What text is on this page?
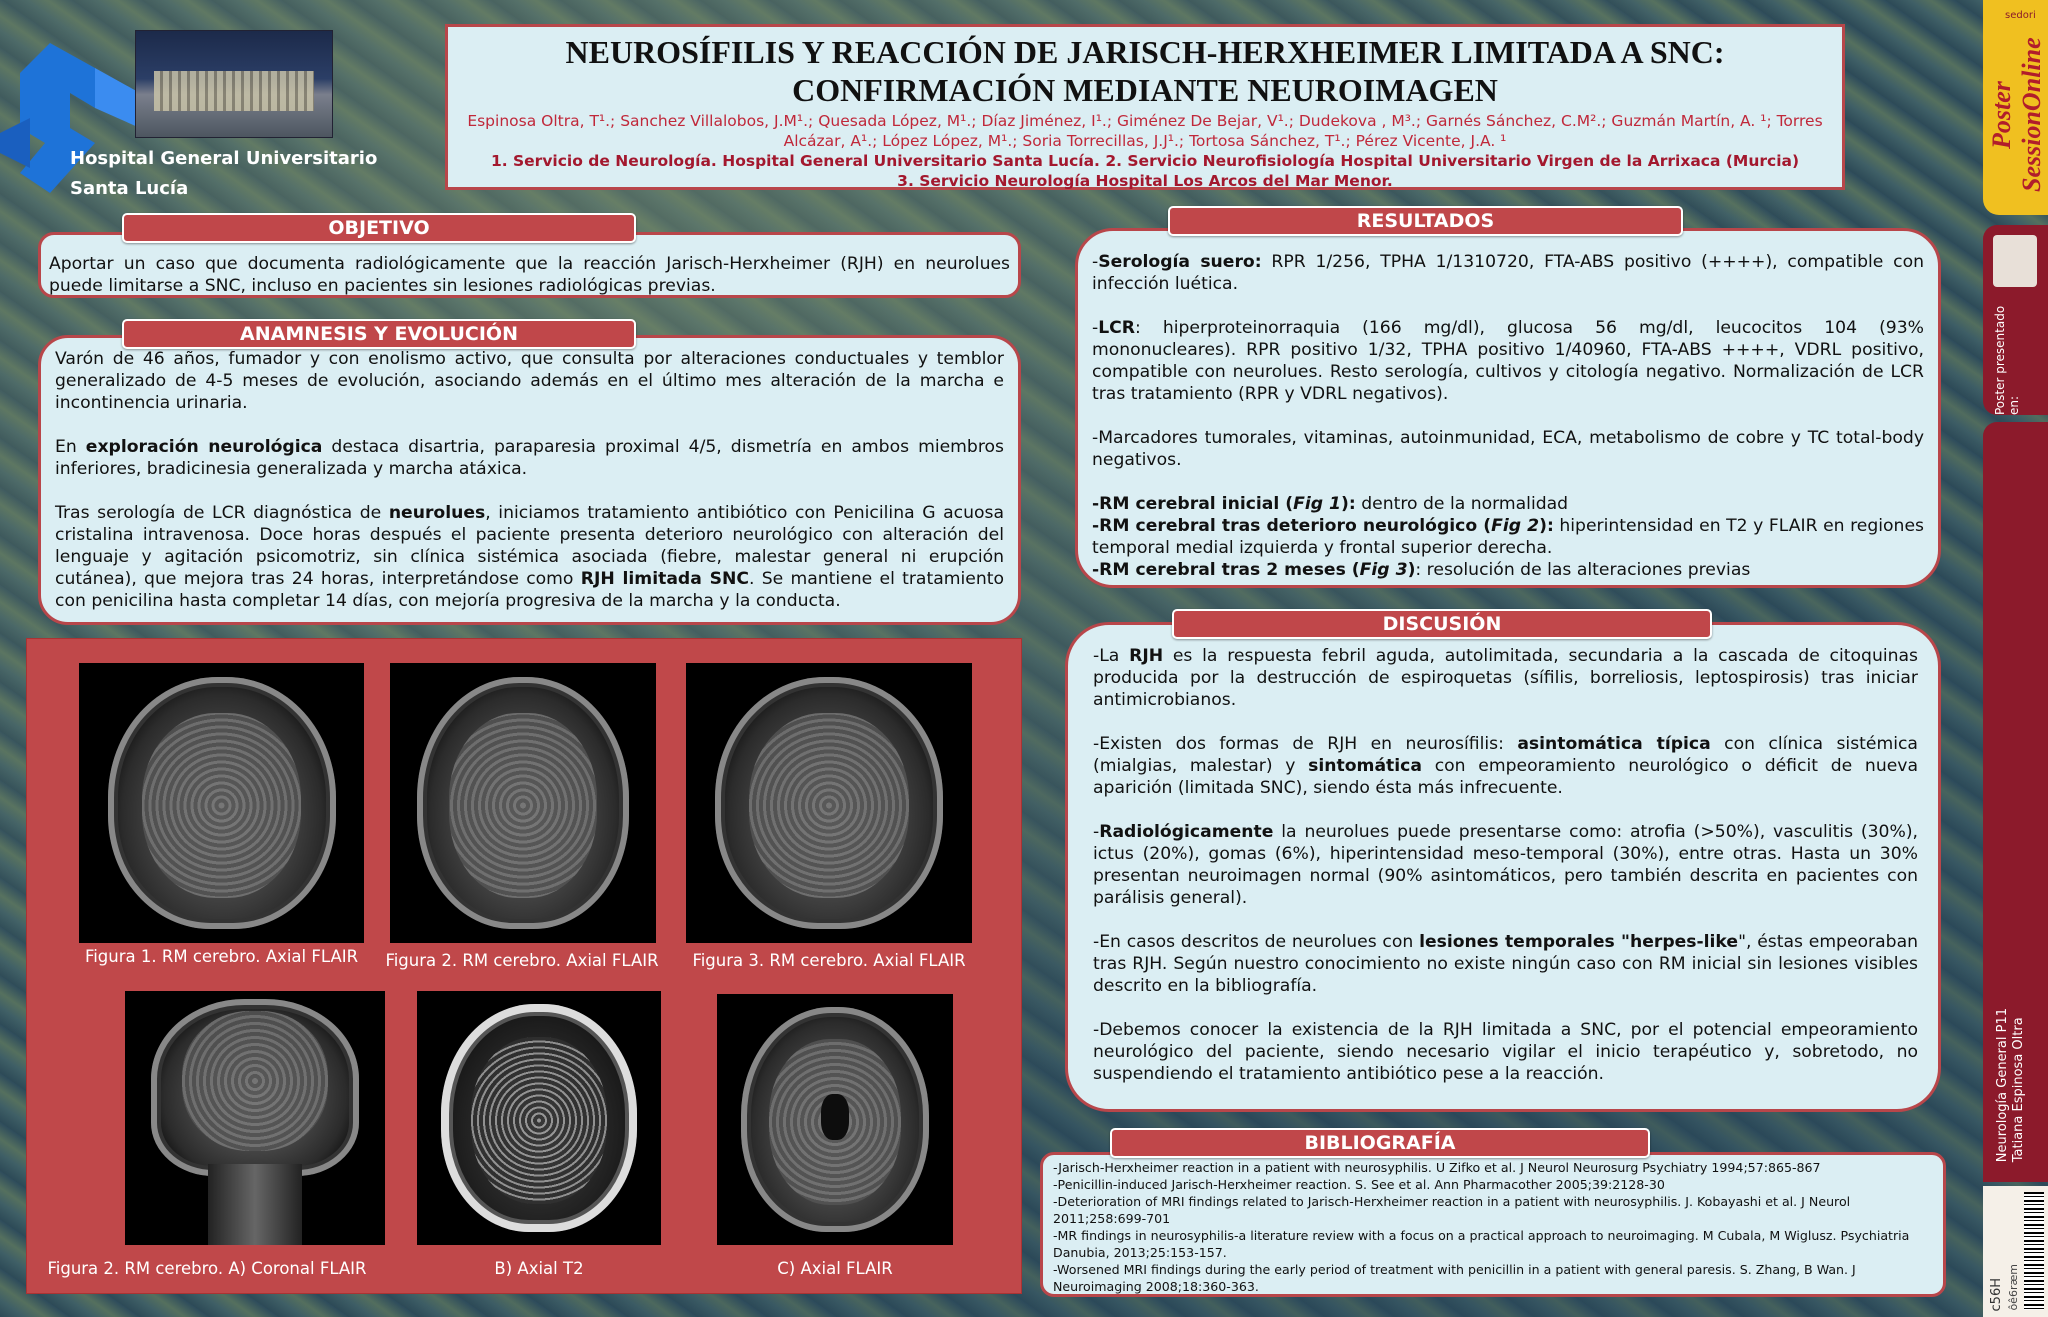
Hospital General Universitario
Santa Lucía
NEUROSÍFILIS Y REACCIÓN DE JARISCH-HERXHEIMER LIMITADA A SNC:
CONFIRMACIÓN MEDIANTE NEUROIMAGEN
Espinosa Oltra, T¹.; Sanchez Villalobos, J.M¹.; Quesada López, M¹.; Díaz Jiménez, I¹.; Giménez De Bejar, V¹.; Dudekova , M³.; Garnés Sánchez, C.M².; Guzmán Martín, A. ¹; Torres Alcázar, A¹.; López López, M¹.; Soria Torrecillas, J.J¹.; Tortosa Sánchez, T¹.; Pérez Vicente, J.A. ¹
1. Servicio de Neurología. Hospital General Universitario Santa Lucía. 2. Servicio Neurofisiología Hospital Universitario Virgen de la Arrixaca (Murcia)
3. Servicio Neurología Hospital Los Arcos del Mar Menor.
Poster SessionOnline
sedori
Poster presentado en:
Neurología General P11 Tatiana Espinosa Oltra
c56H ôê6ræm

Aportar un caso que documenta radiológicamente que la reacción Jarisch-Herxheimer (RJH) en neurolues puede limitarse a SNC, incluso en pacientes sin lesiones radiológicas previas.

OBJETIVO

Varón de 46 años, fumador y con enolismo activo, que consulta por alteraciones conductuales y temblor generalizado de 4-5 meses de evolución, asociando además en el último mes alteración de la marcha e incontinencia urinaria.

En exploración neurológica destaca disartria, paraparesia proximal 4/5, dismetría en ambos miembros inferiores, bradicinesia generalizada y marcha atáxica.

Tras serología de LCR diagnóstica de neurolues, iniciamos tratamiento antibiótico con Penicilina G acuosa cristalina intravenosa. Doce horas después el paciente presenta deterioro neurológico con alteración del lenguaje y agitación psicomotriz, sin clínica sistémica asociada (fiebre, malestar general ni erupción cutánea), que mejora tras 24 horas, interpretándose como RJH limitada SNC. Se mantiene el tratamiento con penicilina hasta completar 14 días, con mejoría progresiva de la marcha y la conducta.

ANAMNESIS Y EVOLUCIÓN
Figura 1. RM cerebro. Axial FLAIR	Figura 2. RM cerebro. Axial FLAIR	Figura 3. RM cerebro. Axial FLAIR
Figura 2. RM cerebro. A) Coronal FLAIR	B) Axial T2	C) Axial FLAIR

-Serología suero: RPR 1/256, TPHA 1/1310720, FTA-ABS positivo (++++), compatible con infección luética.

-LCR: hiperproteinorraquia (166 mg/dl), glucosa 56 mg/dl, leucocitos 104 (93% mononucleares). RPR positivo 1/32, TPHA positivo 1/40960, FTA-ABS ++++, VDRL positivo, compatible con neurolues. Resto serología, cultivos y citología negativo. Normalización de LCR tras tratamiento (RPR y VDRL negativos).

-Marcadores tumorales, vitaminas, autoinmunidad, ECA, metabolismo de cobre y TC total-body negativos.

-RM cerebral inicial (Fig 1): dentro de la normalidad

-RM cerebral tras deterioro neurológico (Fig 2): hiperintensidad en T2 y FLAIR en regiones temporal medial izquierda y frontal superior derecha.

-RM cerebral tras 2 meses (Fig 3): resolución de las alteraciones previas

RESULTADOS

-La RJH es la respuesta febril aguda, autolimitada, secundaria a la cascada de citoquinas producida por la destrucción de espiroquetas (sífilis, borreliosis, leptospirosis) tras iniciar antimicrobianos.

-Existen dos formas de RJH en neurosífilis: asintomática típica con clínica sistémica (mialgias, malestar) y sintomática con empeoramiento neurológico o déficit de nueva aparición (limitada SNC), siendo ésta más infrecuente.

-Radiológicamente la neurolues puede presentarse como: atrofia (>50%), vasculitis (30%), ictus (20%), gomas (6%), hiperintensidad meso-temporal (30%), entre otras. Hasta un 30% presentan neuroimagen normal (90% asintomáticos, pero también descrita en pacientes con parálisis general).

-En casos descritos de neurolues con lesiones temporales "herpes-like", éstas empeoraban tras RJH. Según nuestro conocimiento no existe ningún caso con RM inicial sin lesiones visibles descrito en la bibliografía.

-Debemos conocer la existencia de la RJH limitada a SNC, por el potencial empeoramiento neurológico del paciente, siendo necesario vigilar el inicio terapéutico y, sobretodo, no suspendiendo el tratamiento antibiótico pese a la reacción.

DISCUSIÓN
-Jarisch-Herxheimer reaction in a patient with neurosyphilis. U Zifko et al. J Neurol Neurosurg Psychiatry 1994;57:865-867
-Penicillin-induced Jarisch-Herxheimer reaction. S. See et al. Ann Pharmacother 2005;39:2128-30
-Deterioration of MRI findings related to Jarisch-Herxheimer reaction in a patient with neurosyphilis. J. Kobayashi et al. J Neurol 2011;258:699-701
-MR findings in neurosyphilis-a literature review with a focus on a practical approach to neuroimaging. M Cubala, M Wiglusz. Psychiatria Danubia, 2013;25:153-157.
-Worsened MRI findings during the early period of treatment with penicillin in a patient with general paresis. S. Zhang, B Wan. J Neuroimaging 2008;18:360-363.
BIBLIOGRAFÍA
